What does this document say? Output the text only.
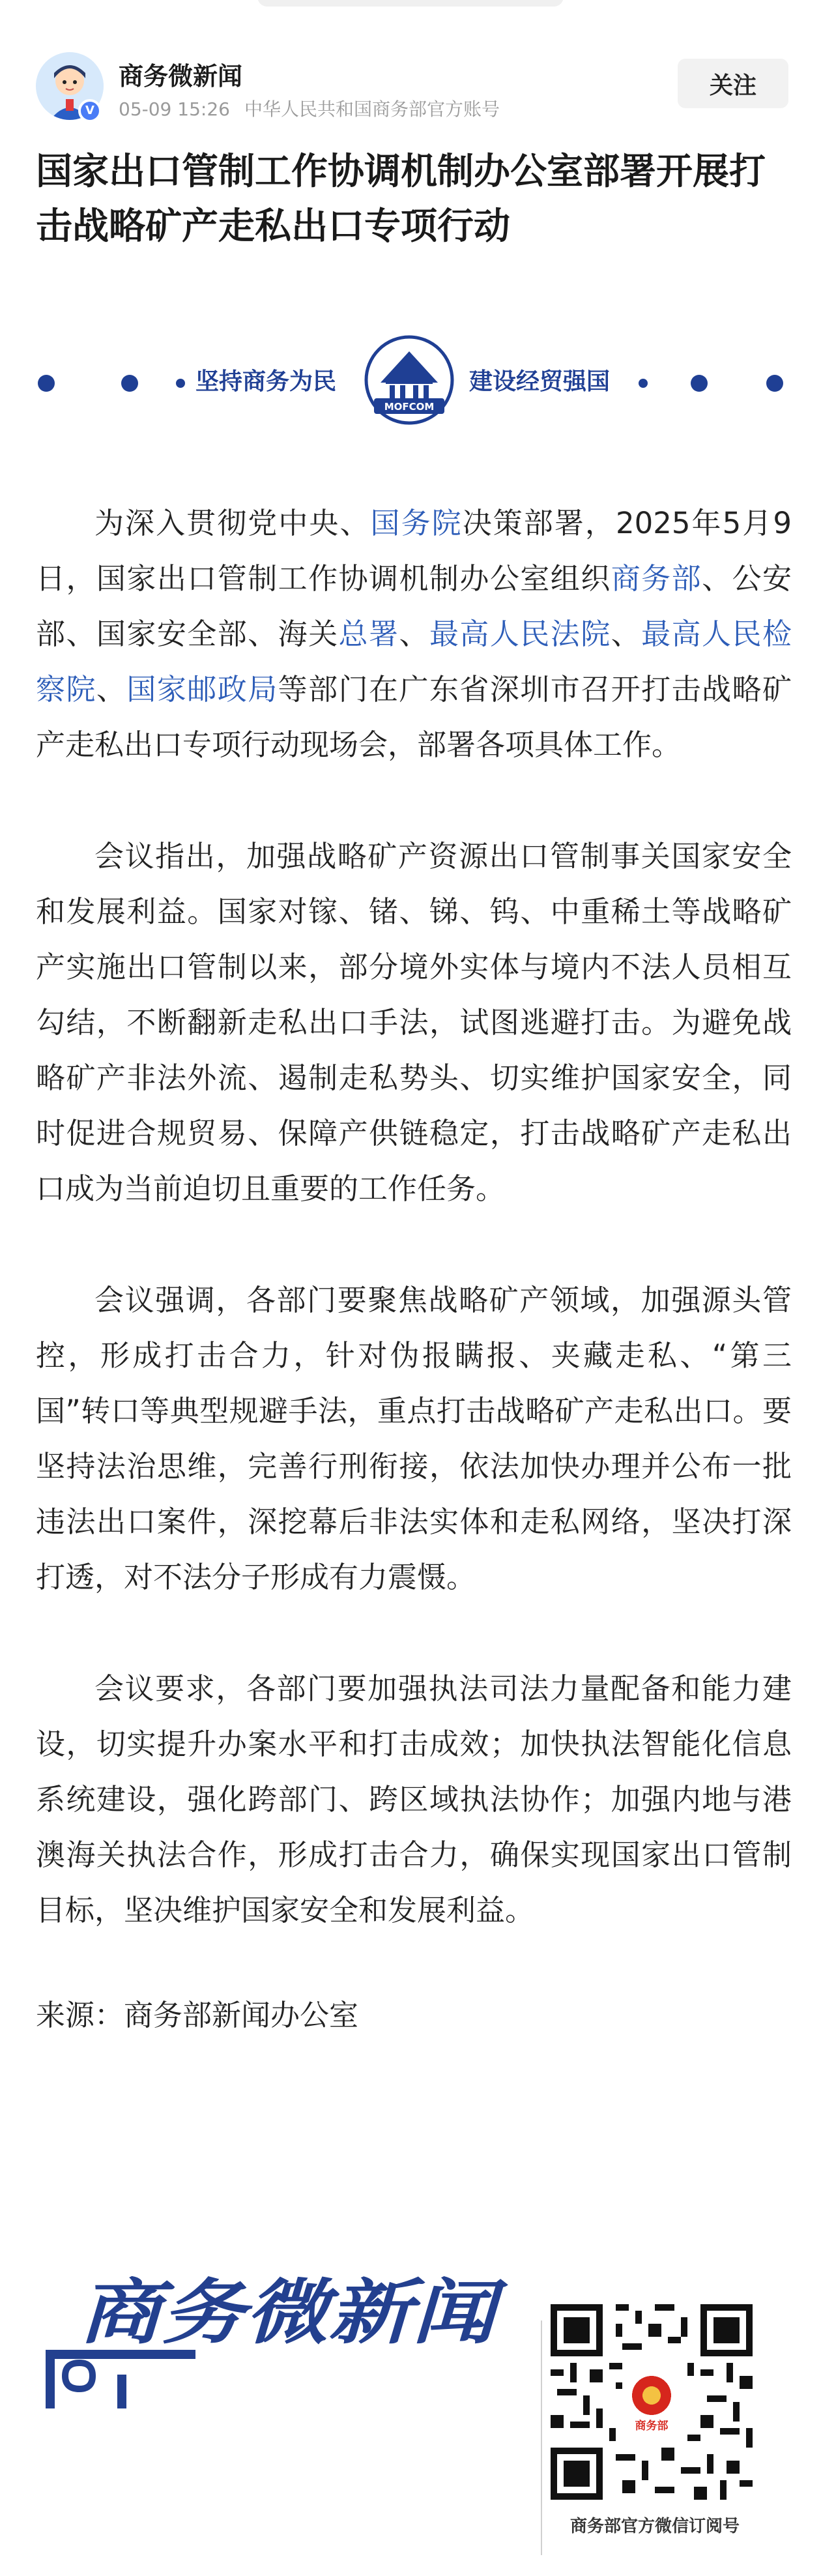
V
商务微新闻
05-09 15:26 中华人民共和国商务部官方账号
关注
国家出口管制工作协调机制办公室部署开展打击战略矿产走私出口专项行动
坚持商务为民
MOFCOM
建设经贸强国

为深入贯彻党中央、国务院决策部署，2025年5月9日，国家出口管制工作协调机制办公室组织商务部、公安部、国家安全部、海关总署、最高人民法院、最高人民检察院、国家邮政局等部门在广东省深圳市召开打击战略矿产走私出口专项行动现场会，部署各项具体工作。

会议指出，加强战略矿产资源出口管制事关国家安全和发展利益。国家对镓、锗、锑、钨、中重稀土等战略矿产实施出口管制以来，部分境外实体与境内不法人员相互勾结，不断翻新走私出口手法，试图逃避打击。为避免战略矿产非法外流、遏制走私势头、切实维护国家安全，同时促进合规贸易、保障产供链稳定，打击战略矿产走私出口成为当前迫切且重要的工作任务。

会议强调，各部门要聚焦战略矿产领域，加强源头管控，形成打击合力，针对伪报瞒报、夹藏走私、“第三国”转口等典型规避手法，重点打击战略矿产走私出口。要坚持法治思维，完善行刑衔接，依法加快办理并公布一批违法出口案件，深挖幕后非法实体和走私网络，坚决打深打透，对不法分子形成有力震慑。

会议要求，各部门要加强执法司法力量配备和能力建设，切实提升办案水平和打击成效；加快执法智能化信息系统建设，强化跨部门、跨区域执法协作；加强内地与港澳海关执法合作，形成打击合力，确保实现国家出口管制目标，坚决维护国家安全和发展利益。

来源：商务部新闻办公室

商务微新闻
商务部
商务部官方微信订阅号
